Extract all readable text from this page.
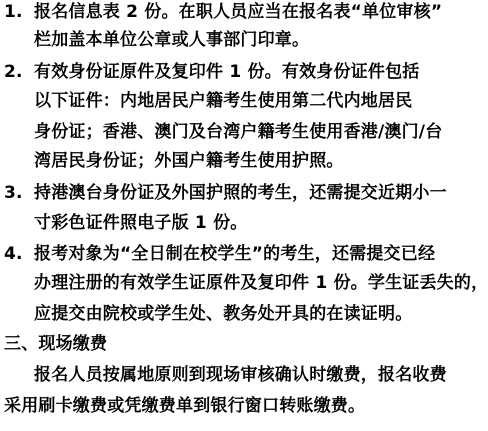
1. 报名信息表 2 份。在职人员应当在报名表“单位审核”
栏加盖本单位公章或人事部门印章。
2. 有效身份证原件及复印件 1 份。有效身份证件包括
以下证件：内地居民户籍考生使用第二代内地居民
身份证；香港、澳门及台湾户籍考生使用香港/澳门/台
湾居民身份证；外国户籍考生使用护照。
3. 持港澳台身份证及外国护照的考生，还需提交近期小一
寸彩色证件照电子版 1 份。
4. 报考对象为“全日制在校学生”的考生，还需提交已经
办理注册的有效学生证原件及复印件 1 份。学生证丢失的，
应提交由院校或学生处、教务处开具的在读证明。
三、现场缴费
报名人员按属地原则到现场审核确认时缴费，报名收费
采用刷卡缴费或凭缴费单到银行窗口转账缴费。
